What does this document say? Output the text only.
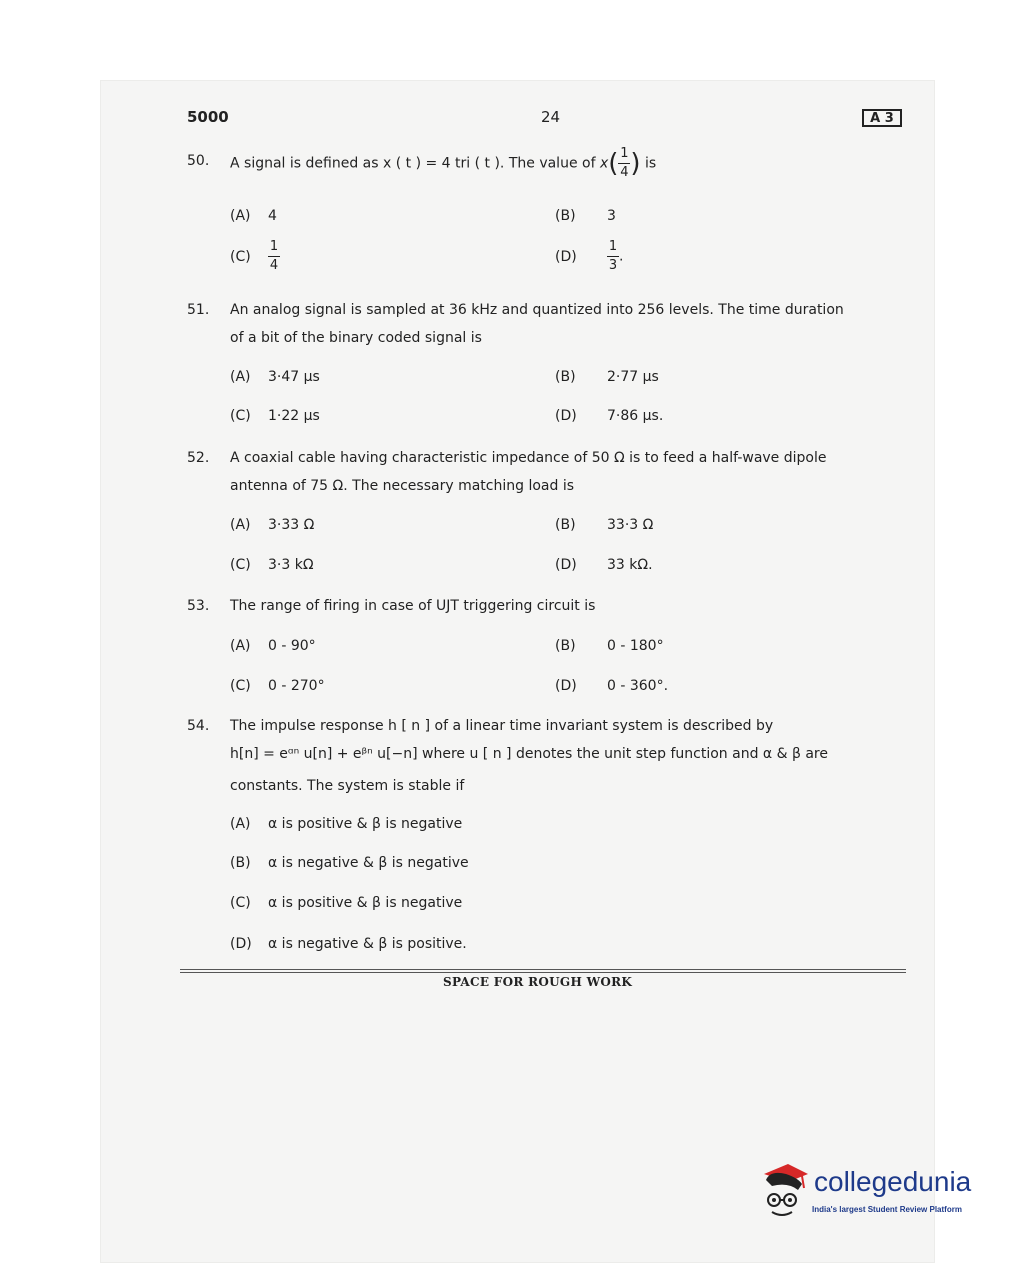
5000	24	A 3
50. A signal is defined as x ( t ) = 4 tri ( t ). The value of $x( \frac{1}{4}$ ) is
(A) 4	(B) 3
$(C) \frac{1}{4}$	$(D) \frac{1}{3}$ .
51. An analog signal is sampled at 36 kHz and quantized into 256 levels. The time duration
of a bit of the binary coded signal is
(A) 3·47 μs	(B) 2·77 μs
(C) 1·22 μs	(D) 7·86 μs.
52. A coaxial cable having characteristic impedance of 50 Ω is to feed a half-wave dipole
antenna of 75 Ω. The necessary matching load is
(A) 3·33 Ω	(B) 33·3 Ω
(C) 3·3 kΩ	(D) 33 kΩ.
53. The range of firing in case of UJT triggering circuit is
(A) 0 - 90°	(B) 0 - 180°
(C) 0 - 270°	(D) 0 - 360°.
54. The impulse response h [ n ] of a linear time invariant system is described by
h[n] = eᵅⁿ u[n] + eᵝⁿ u[−n] where u [ n ] denotes the unit step function and α & β are
constants. The system is stable if
(A) α is positive & β is negative
(B) α is negative & β is negative
(C) α is positive & β is negative
(D) α is negative & β is positive.
SPACE FOR ROUGH WORK
collegedunia
India's largest Student Review Platform
